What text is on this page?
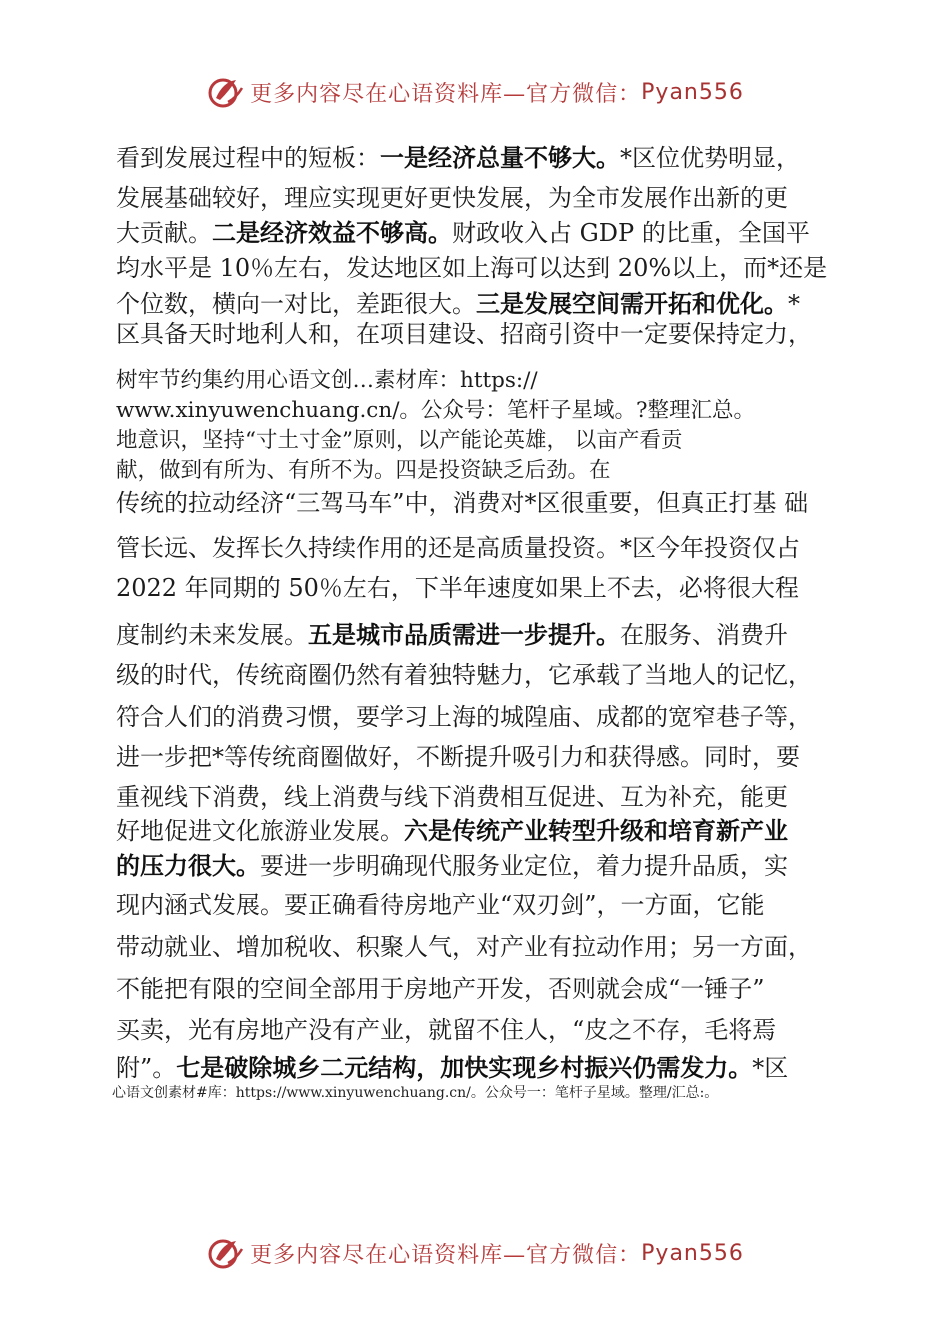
更多内容尽在心语资料库—官方微信： Pyan556
看到发展过程中的短板：一是经济总量不够大。*区位优势明显，
发展基础较好，理应实现更好更快发展，为全市发展作出新的更
大贡献。二是经济效益不够高。财政收入占 GDP 的比重，全国平
均水平是 10％左右，发达地区如上海可以达到 20%以上，而*还是
个位数，横向一对比，差距很大。三是发展空间需开拓和优化。*
区具备天时地利人和，在项目建设、招商引资中一定要保持定力，
树牢节约集约用心语文创…素材库：https://
www.xinyuwenchuang.cn/。公众号：笔杆子星域。?整理汇总。
地意识，坚持“寸土寸金”原则，以产能论英雄， 以亩产看贡
献，做到有所为、有所不为。四是投资缺乏后劲。在
传统的拉动经济“三驾马车”中，消费对*区很重要，但真正打基 础
管长远、发挥长久持续作用的还是高质量投资。*区今年投资仅占
2022 年同期的 50％左右，下半年速度如果上不去，必将很大程
度制约未来发展。五是城市品质需进一步提升。在服务、消费升
级的时代，传统商圈仍然有着独特魅力，它承载了当地人的记忆，
符合人们的消费习惯，要学习上海的城隍庙、成都的宽窄巷子等，
进一步把*等传统商圈做好，不断提升吸引力和获得感。同时，要
重视线下消费，线上消费与线下消费相互促进、互为补充，能更
好地促进文化旅游业发展。六是传统产业转型升级和培育新产业
的压力很大。要进一步明确现代服务业定位，着力提升品质，实
现内涵式发展。要正确看待房地产业“双刃剑”，一方面，它能
带动就业、增加税收、积聚人气，对产业有拉动作用；另一方面，
不能把有限的空间全部用于房地产开发，否则就会成“一锤子”
买卖，光有房地产没有产业，就留不住人，“皮之不存，毛将焉
附”。七是破除城乡二元结构，加快实现乡村振兴仍需发力。*区
心语文创素材#库：https://www.xinyuwenchuang.cn/。公众号一：笔杆子星域。整理/汇总:。
更多内容尽在心语资料库—官方微信： Pyan556
